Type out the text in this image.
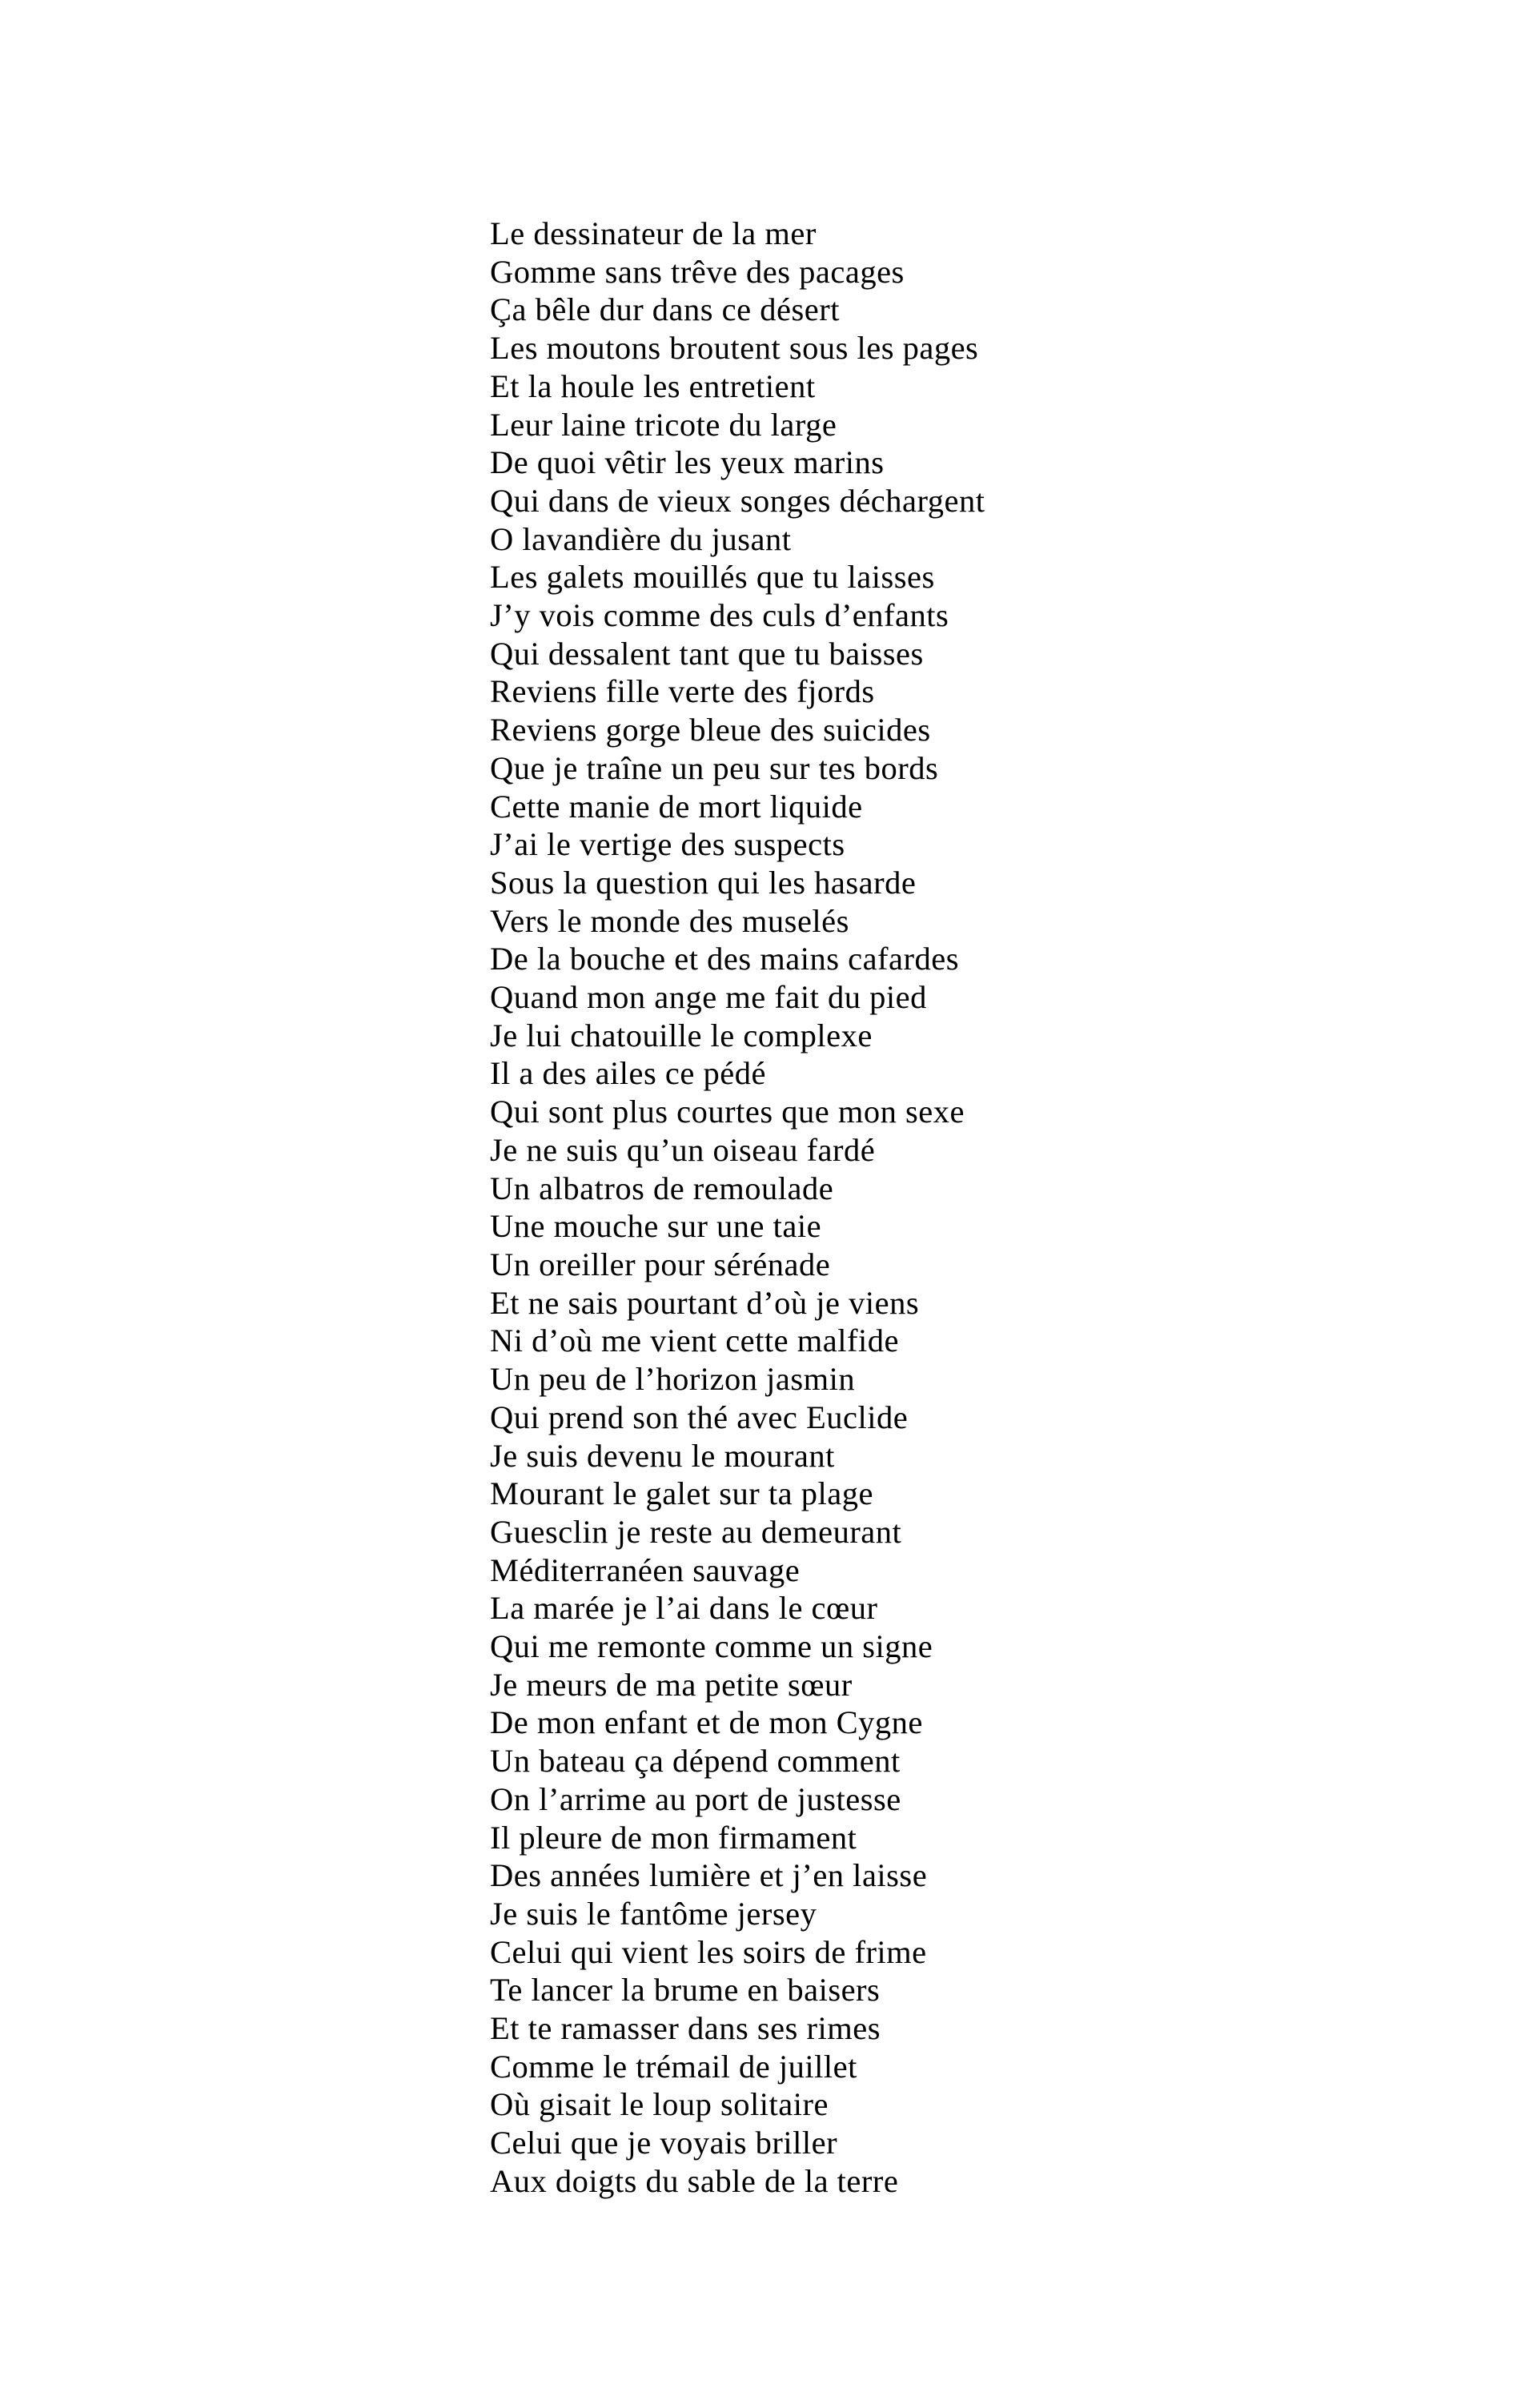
Le dessinateur de la mer
Gomme sans trêve des pacages
Ça bêle dur dans ce désert
Les moutons broutent sous les pages
Et la houle les entretient
Leur laine tricote du large
De quoi vêtir les yeux marins
Qui dans de vieux songes déchargent
O lavandière du jusant
Les galets mouillés que tu laisses
J’y vois comme des culs d’enfants
Qui dessalent tant que tu baisses
Reviens fille verte des fjords
Reviens gorge bleue des suicides
Que je traîne un peu sur tes bords
Cette manie de mort liquide
J’ai le vertige des suspects
Sous la question qui les hasarde
Vers le monde des muselés
De la bouche et des mains cafardes
Quand mon ange me fait du pied
Je lui chatouille le complexe
Il a des ailes ce pédé
Qui sont plus courtes que mon sexe
Je ne suis qu’un oiseau fardé
Un albatros de remoulade
Une mouche sur une taie
Un oreiller pour sérénade
Et ne sais pourtant d’où je viens
Ni d’où me vient cette malfide
Un peu de l’horizon jasmin
Qui prend son thé avec Euclide
Je suis devenu le mourant
Mourant le galet sur ta plage
Guesclin je reste au demeurant
Méditerranéen sauvage
La marée je l’ai dans le cœur
Qui me remonte comme un signe
Je meurs de ma petite sœur
De mon enfant et de mon Cygne
Un bateau ça dépend comment
On l’arrime au port de justesse
Il pleure de mon firmament
Des années lumière et j’en laisse
Je suis le fantôme jersey
Celui qui vient les soirs de frime
Te lancer la brume en baisers
Et te ramasser dans ses rimes
Comme le trémail de juillet
Où gisait le loup solitaire
Celui que je voyais briller
Aux doigts du sable de la terre
